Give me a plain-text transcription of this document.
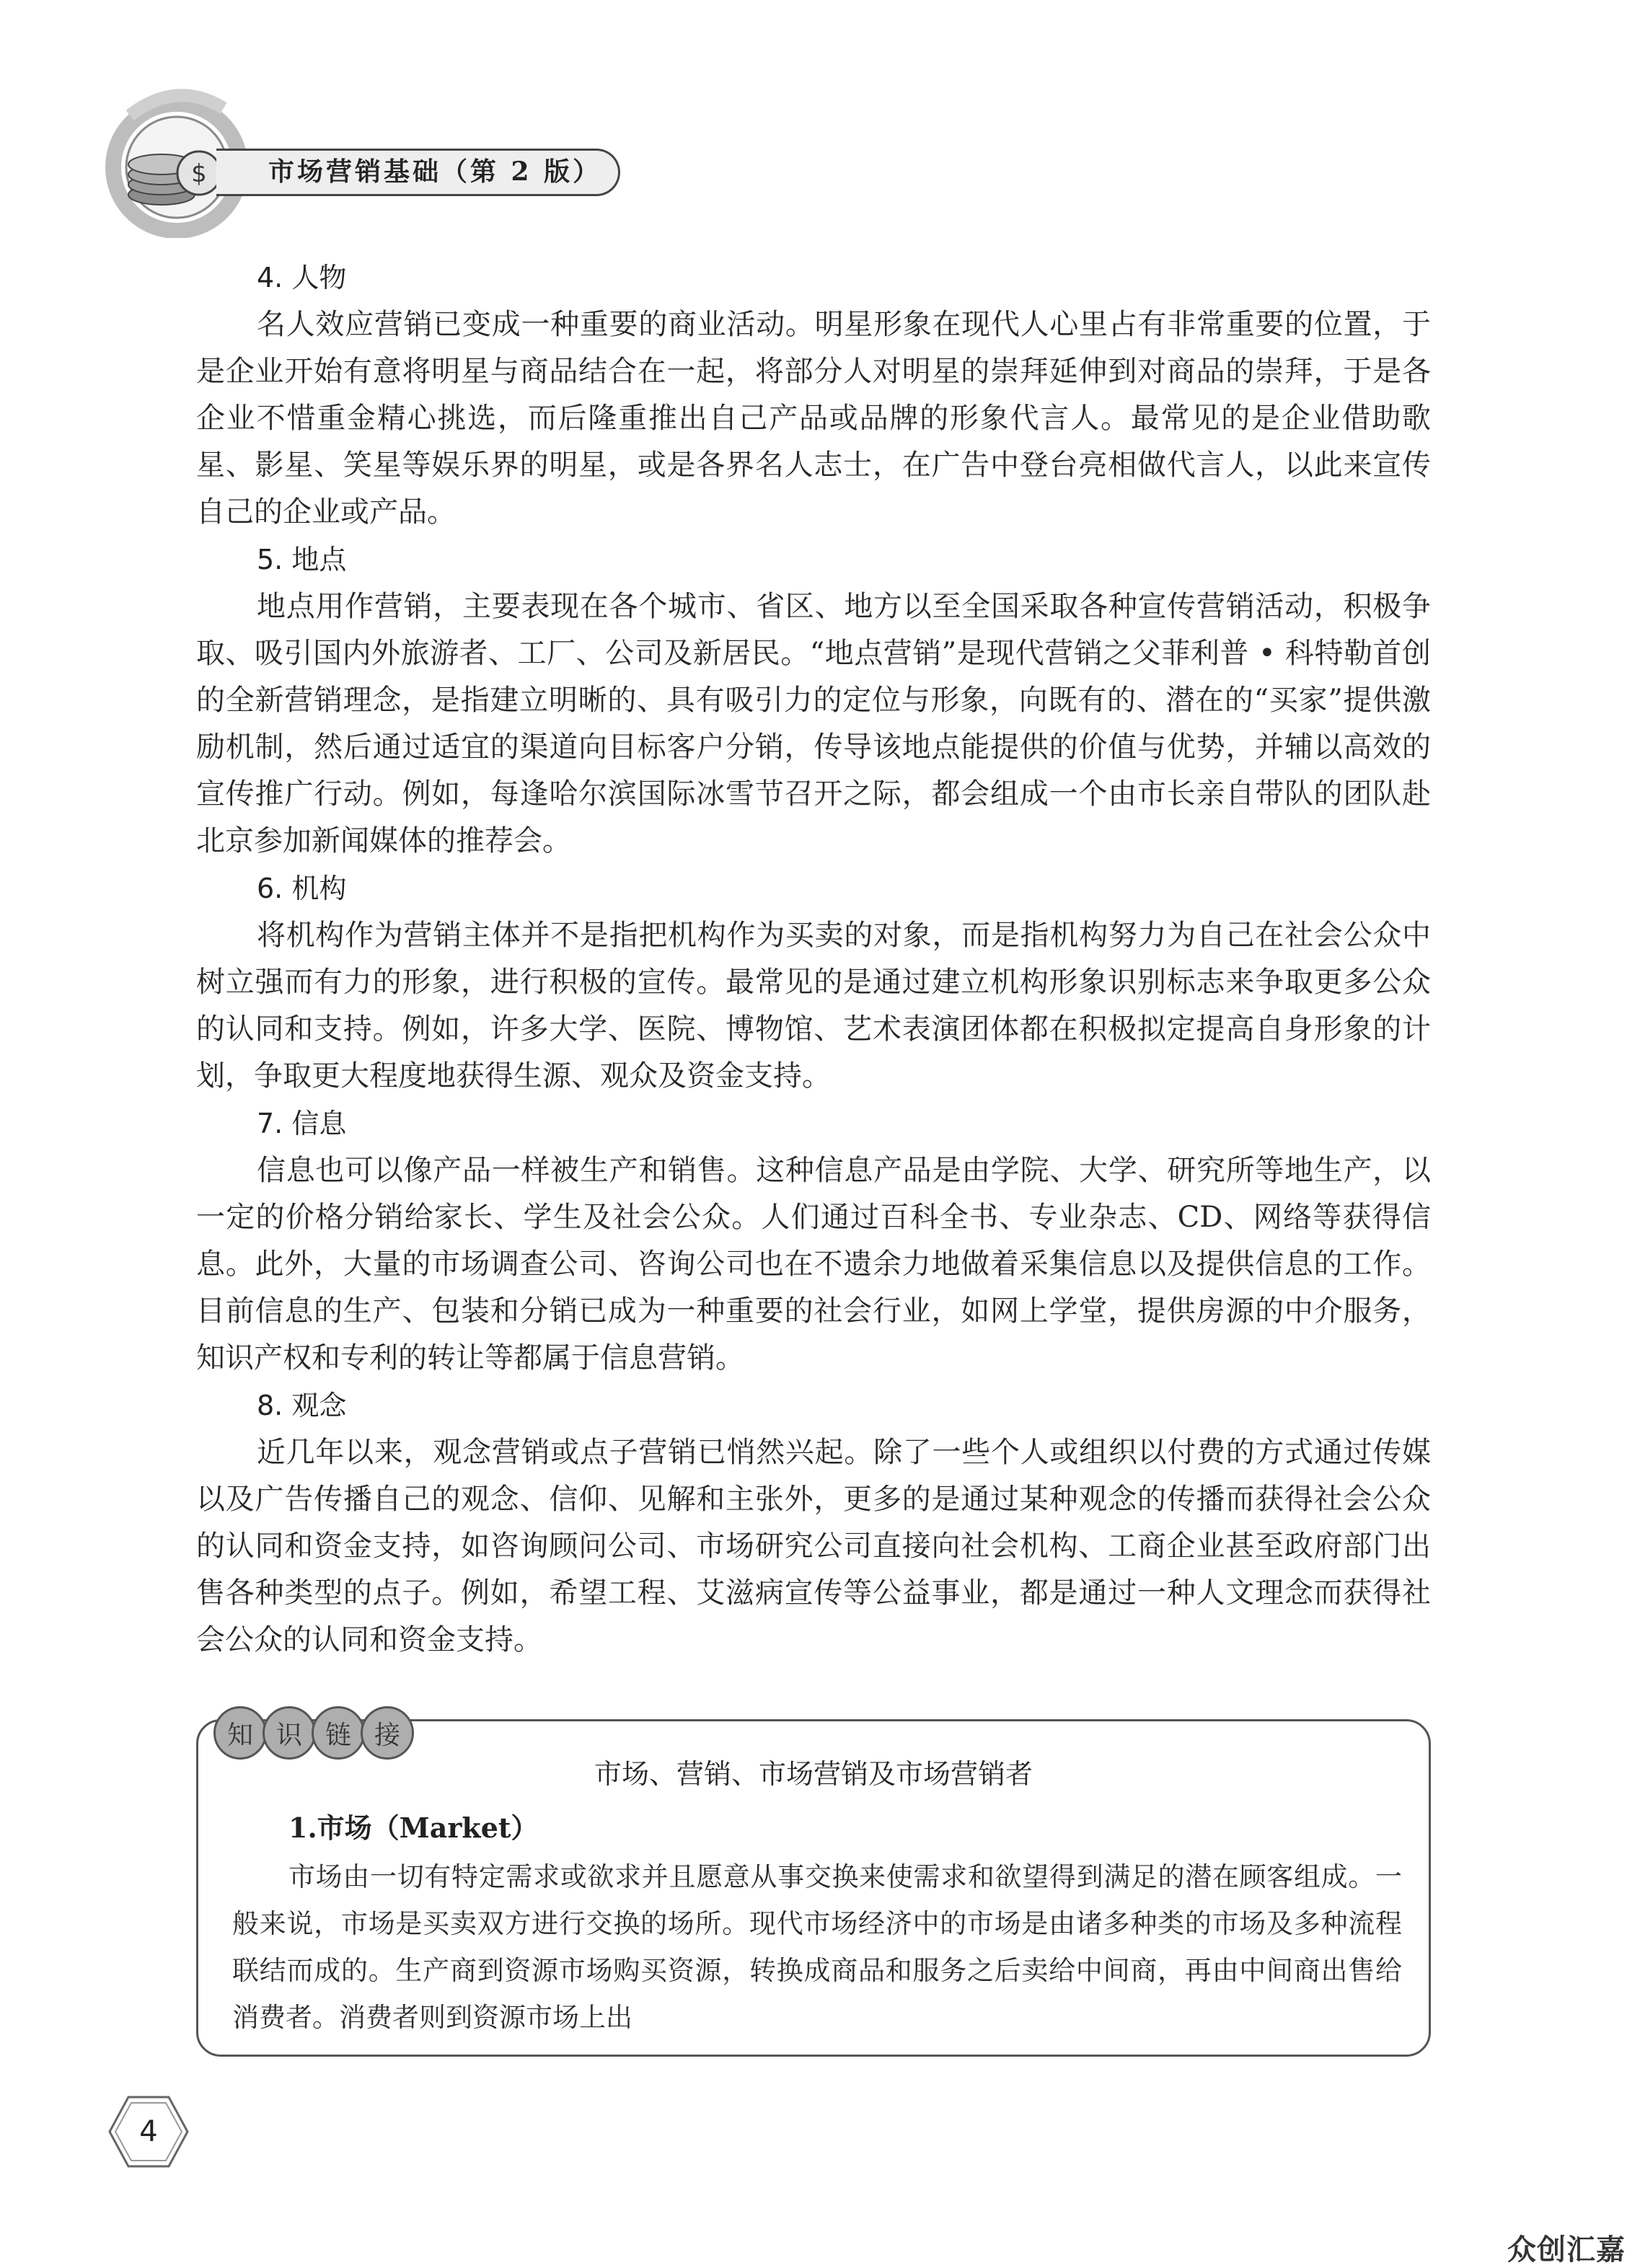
$ 市场营销基础（第 2 版）
4. 人物

名人效应营销已变成一种重要的商业活动。明星形象在现代人心里占有非常重要的位置，于是企业开始有意将明星与商品结合在一起，将部分人对明星的崇拜延伸到对商品的崇拜，于是各企业不惜重金精心挑选，而后隆重推出自己产品或品牌的形象代言人。最常见的是企业借助歌星、影星、笑星等娱乐界的明星，或是各界名人志士，在广告中登台亮相做代言人，以此来宣传自己的企业或产品。

5. 地点

地点用作营销，主要表现在各个城市、省区、地方以至全国采取各种宣传营销活动，积极争取、吸引国内外旅游者、工厂、公司及新居民。“地点营销”是现代营销之父菲利普 • 科特勒首创的全新营销理念，是指建立明晰的、具有吸引力的定位与形象，向既有的、潜在的“买家”提供激励机制，然后通过适宜的渠道向目标客户分销，传导该地点能提供的价值与优势，并辅以高效的宣传推广行动。例如，每逢哈尔滨国际冰雪节召开之际，都会组成一个由市长亲自带队的团队赴北京参加新闻媒体的推荐会。

6. 机构

将机构作为营销主体并不是指把机构作为买卖的对象，而是指机构努力为自己在社会公众中树立强而有力的形象，进行积极的宣传。最常见的是通过建立机构形象识别标志来争取更多公众的认同和支持。例如，许多大学、医院、博物馆、艺术表演团体都在积极拟定提高自身形象的计划，争取更大程度地获得生源、观众及资金支持。

7. 信息

信息也可以像产品一样被生产和销售。这种信息产品是由学院、大学、研究所等地生产，以一定的价格分销给家长、学生及社会公众。人们通过百科全书、专业杂志、CD、网络等获得信息。此外，大量的市场调查公司、咨询公司也在不遗余力地做着采集信息以及提供信息的工作。目前信息的生产、包装和分销已成为一种重要的社会行业，如网上学堂，提供房源的中介服务，知识产权和专利的转让等都属于信息营销。

8. 观念

近几年以来，观念营销或点子营销已悄然兴起。除了一些个人或组织以付费的方式通过传媒以及广告传播自己的观念、信仰、见解和主张外，更多的是通过某种观念的传播而获得社会公众的认同和资金支持，如咨询顾问公司、市场研究公司直接向社会机构、工商企业甚至政府部门出售各种类型的点子。例如，希望工程、艾滋病宣传等公益事业，都是通过一种人文理念而获得社会公众的认同和资金支持。

知 识 链 接
市场、营销、市场营销及市场营销者
1.市场（Market）

市场由一切有特定需求或欲求并且愿意从事交换来使需求和欲望得到满足的潜在顾客组成。一般来说，市场是买卖双方进行交换的场所。现代市场经济中的市场是由诸多种类的市场及多种流程联结而成的。生产商到资源市场购买资源，转换成商品和服务之后卖给中间商，再由中间商出售给消费者。消费者则到资源市场上出

4
众创汇嘉
